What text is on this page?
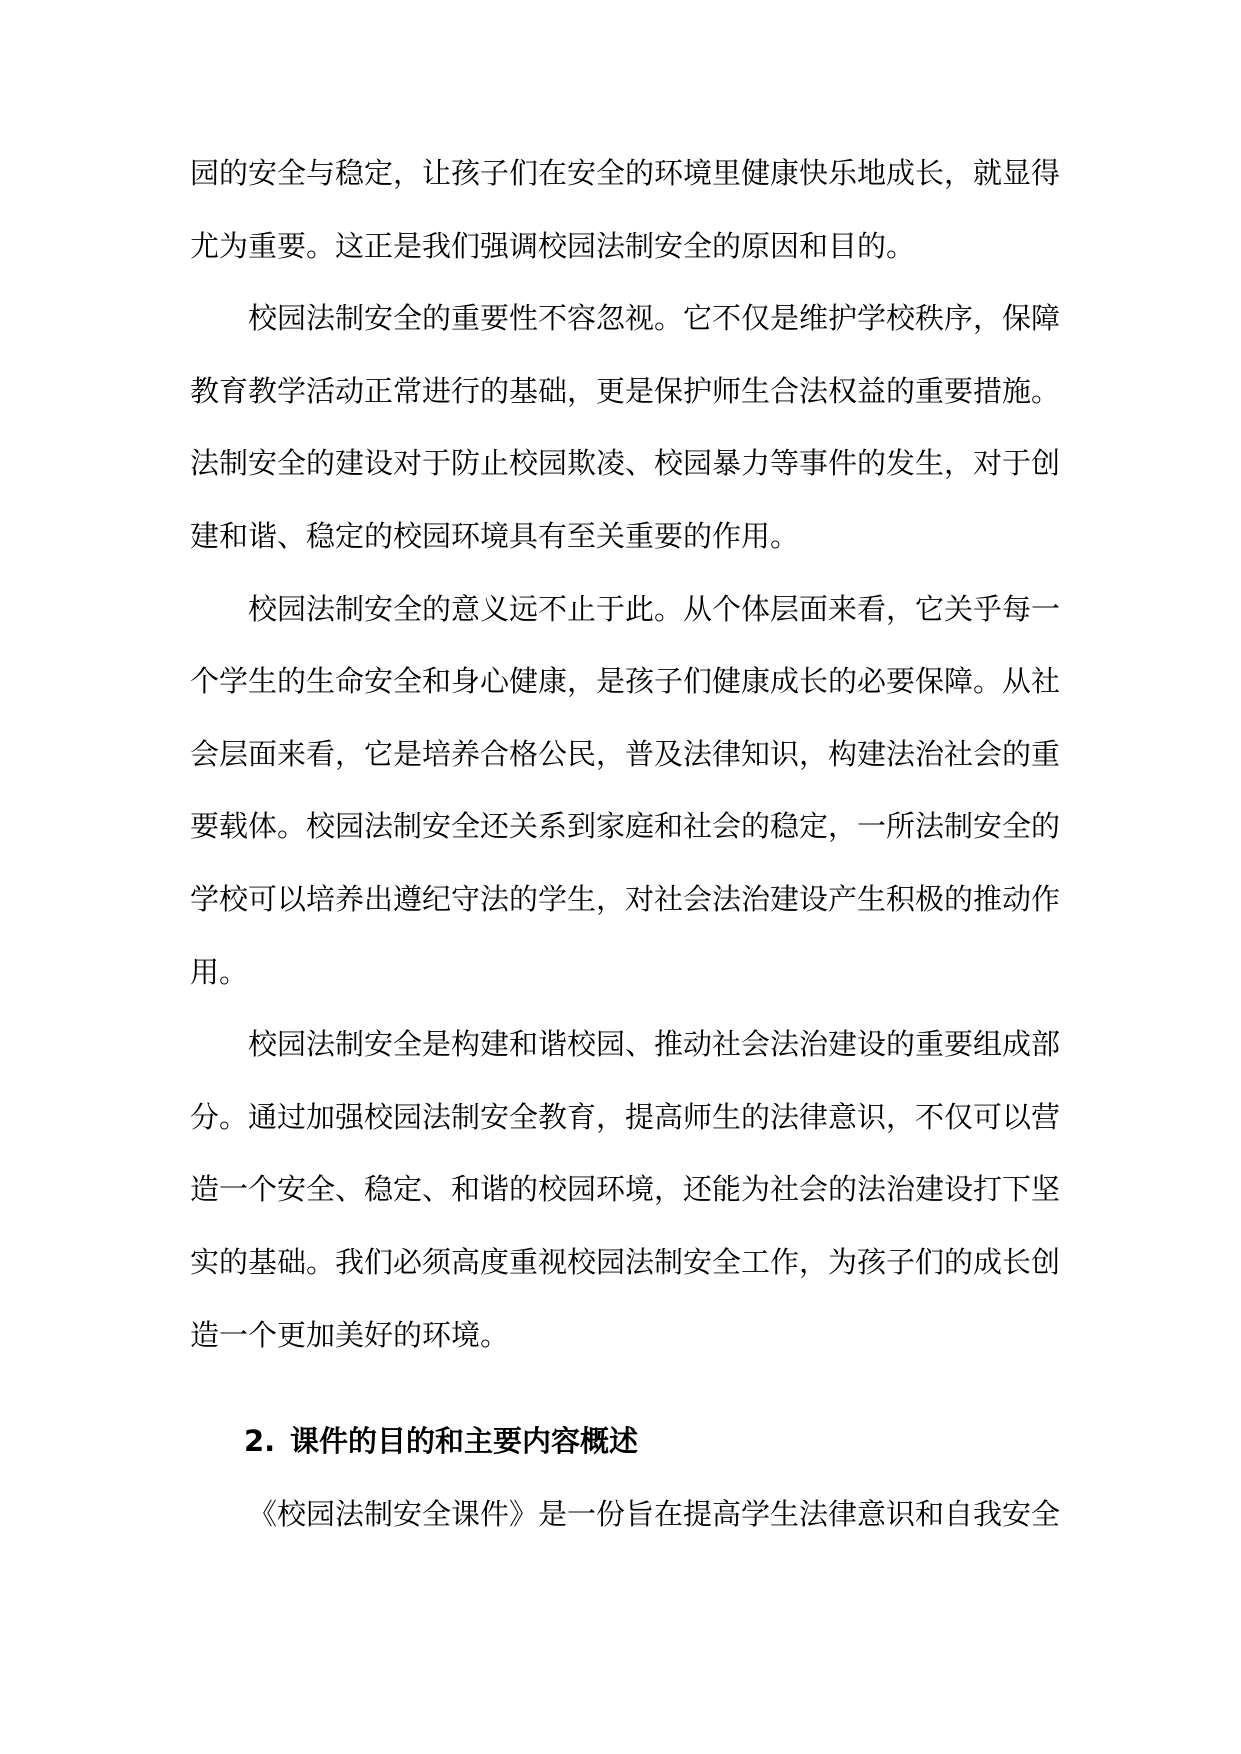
园的安全与稳定，让孩子们在安全的环境里健康快乐地成长，就显得
尤为重要。这正是我们强调校园法制安全的原因和目的。
校园法制安全的重要性不容忽视。它不仅是维护学校秩序，保障
教育教学活动正常进行的基础，更是保护师生合法权益的重要措施。
法制安全的建设对于防止校园欺凌、校园暴力等事件的发生，对于创
建和谐、稳定的校园环境具有至关重要的作用。
校园法制安全的意义远不止于此。从个体层面来看，它关乎每一
个学生的生命安全和身心健康，是孩子们健康成长的必要保障。从社
会层面来看，它是培养合格公民，普及法律知识，构建法治社会的重
要载体。校园法制安全还关系到家庭和社会的稳定，一所法制安全的
学校可以培养出遵纪守法的学生，对社会法治建设产生积极的推动作
用。
校园法制安全是构建和谐校园、推动社会法治建设的重要组成部
分。通过加强校园法制安全教育，提高师生的法律意识，不仅可以营
造一个安全、稳定、和谐的校园环境，还能为社会的法治建设打下坚
实的基础。我们必须高度重视校园法制安全工作，为孩子们的成长创
造一个更加美好的环境。
2. 课件的目的和主要内容概述
《校园法制安全课件》是一份旨在提高学生法律意识和自我安全
